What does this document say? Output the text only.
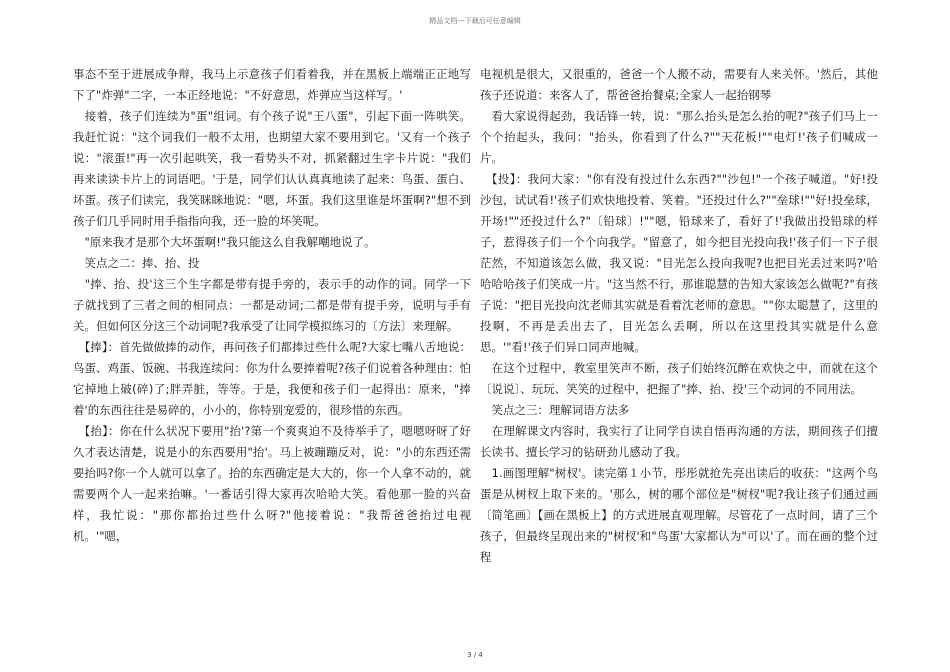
精品文档---下载后可任意编辑

事态不至于进展成争辩，我马上示意孩子们看着我，并在黑板上端端正正地写下了"炸弹"二字，一本正经地说："不好意思，炸弹应当这样写。'

　接着，孩子们连续为"蛋"组词。有个孩子说"王八蛋"，引起下面一阵哄笑。我赶忙说："这个词我们一般不太用，也期望大家不要用到它。'又有一个孩子说："滚蛋!"再一次引起哄笑，我一看势头不对，抓紧翻过生字卡片说："我们再来读读卡片上的词语吧。'于是，同学们认认真真地读了起来：鸟蛋、蛋白、坏蛋。孩子们读完，我笑眯眯地说："嗯，坏蛋。我们这里谁是坏蛋啊?"想不到孩子们几乎同时用手指指向我，还一脸的坏笑呢。

　"原来我才是那个大坏蛋啊!"我只能这么自我解嘲地说了。

　笑点之二：捧、抬、投

　"捧、抬、投'这三个生字都是带有提手旁的，表示手的动作的词。同学一下子就找到了三者之间的相同点：一都是动词;二都是带有提手旁，说明与手有关。但如何区分这三个动词呢?我承受了让同学模拟练习的〔方法〕来理解。

　【捧】：首先做做捧的动作，再问孩子们都捧过些什么呢?大家七嘴八舌地说：鸟蛋、鸡蛋、饭碗、书我连续问：你为什么要捧着呢?孩子们说着各种理由：怕它掉地上破(碎)了;胖弄脏，等等。于是，我便和孩子们一起得出：原来，"捧着'的东西往往是易碎的，小小的，你特别宠爱的，很珍惜的东西。

　【抬】：你在什么状况下要用"抬'?第一个爽爽迫不及待举手了，嗯嗯呀呀了好久才表达清楚，说是小的东西要用"抬'。马上被蹦蹦反对，说："小的东西还需要抬吗?你一个人就可以拿了。抬的东西确定是大大的，你一个人拿不动的，就需要两个人一起来抬嘛。'一番话引得大家再次哈哈大笑。看他那一脸的兴奋样，我忙说："那你都抬过些什么呀?"他接着说："我帮爸爸抬过电视机。'"嗯，

电视机是很大，又很重的，爸爸一个人搬不动，需要有人来关怀。'然后，其他孩子还说道：来客人了，帮爸爸抬餐桌;全家人一起抬钢琴

　看大家说得起劲，我话锋一转，说："那么抬头是怎么抬的呢?"孩子们马上一个个抬起头，我问："抬头，你看到了什么?""天花板!""电灯!'孩子们喊成一片。

　【投】：我问大家："你有没有投过什么东西?""沙包!"一个孩子喊道。"好!投沙包，试试看!'孩子们欢快地投着、笑着。"还投过什么?""垒球!""好!投垒球，开场!""还投过什么?"〔铅球〕!""嗯，铅球来了，看好了!'我做出投铅球的样子，惹得孩子们一个个向我学。"留意了，如今把目光投向我!'孩子们一下子很茫然，不知道该怎么做，我又说："目光怎么投向我呢?也把目光丢过来吗?'哈哈哈哈孩子们笑成一片。"这当然不行，那谁聪慧的告知大家该怎么做呢?"有孩子说："把目光投向沈老师其实就是看着沈老师的意思。""你太聪慧了，这里的投啊，不再是丢出去了，目光怎么丢啊，所以在这里投其实就是什么意思。'"看!'孩子们异口同声地喊。

　在这个过程中，教室里笑声不断，孩子们始终沉醉在欢快之中，而就在这个〔说说〕、玩玩、笑笑的过程中，把握了"捧、抬、投'三个动词的不同用法。

　笑点之三：理解词语方法多

　在理解课文内容时，我实行了让同学自读自悟再沟通的方法，期间孩子们擅长读书、擅长学习的钻研劲儿感动了我。

　1.画图理解"树杈'。读完第１小节，彤彤就抢先亮出读后的收获："这两个鸟蛋是从树杈上取下来的。'那么，树的哪个部位是"树杈"呢?我让孩子们通过画〔简笔画〕【画在黑板上】的方式进展直观理解。尽管花了一点时间，请了三个孩子，但最终呈现出来的"树杈'和"鸟蛋'大家都认为"可以'了。而在画的整个过程

3 / 4
